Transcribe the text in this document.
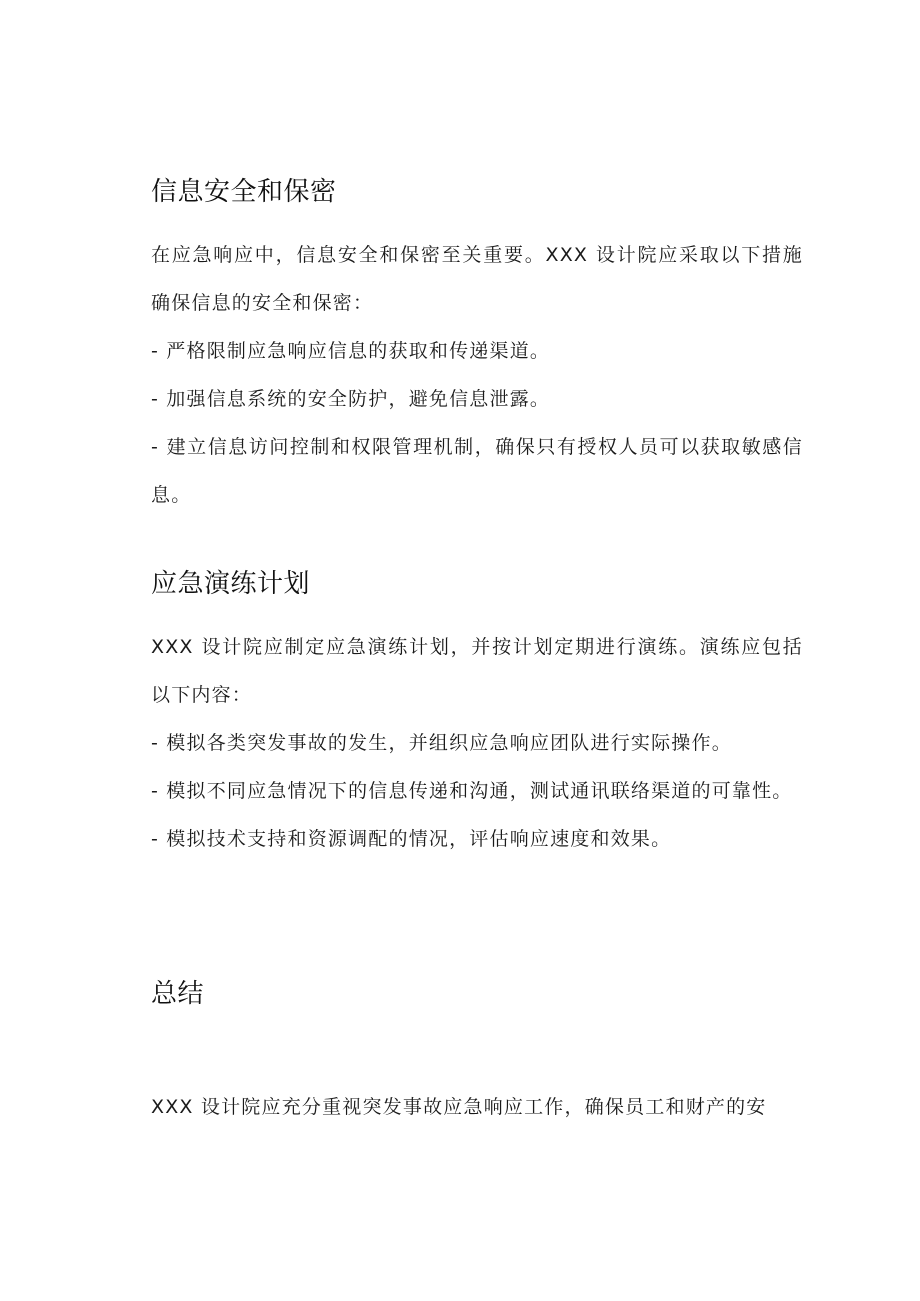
信息安全和保密

在应急响应中，信息安全和保密至关重要。XXX 设计院应采取以下措施确保信息的安全和保密：

- 严格限制应急响应信息的获取和传递渠道。

- 加强信息系统的安全防护，避免信息泄露。

- 建立信息访问控制和权限管理机制，确保只有授权人员可以获取敏感信息。

应急演练计划

XXX 设计院应制定应急演练计划，并按计划定期进行演练。演练应包括以下内容：

- 模拟各类突发事故的发生，并组织应急响应团队进行实际操作。

- 模拟不同应急情况下的信息传递和沟通，测试通讯联络渠道的可靠性。

- 模拟技术支持和资源调配的情况，评估响应速度和效果。

总结

XXX 设计院应充分重视突发事故应急响应工作，确保员工和财产的安
